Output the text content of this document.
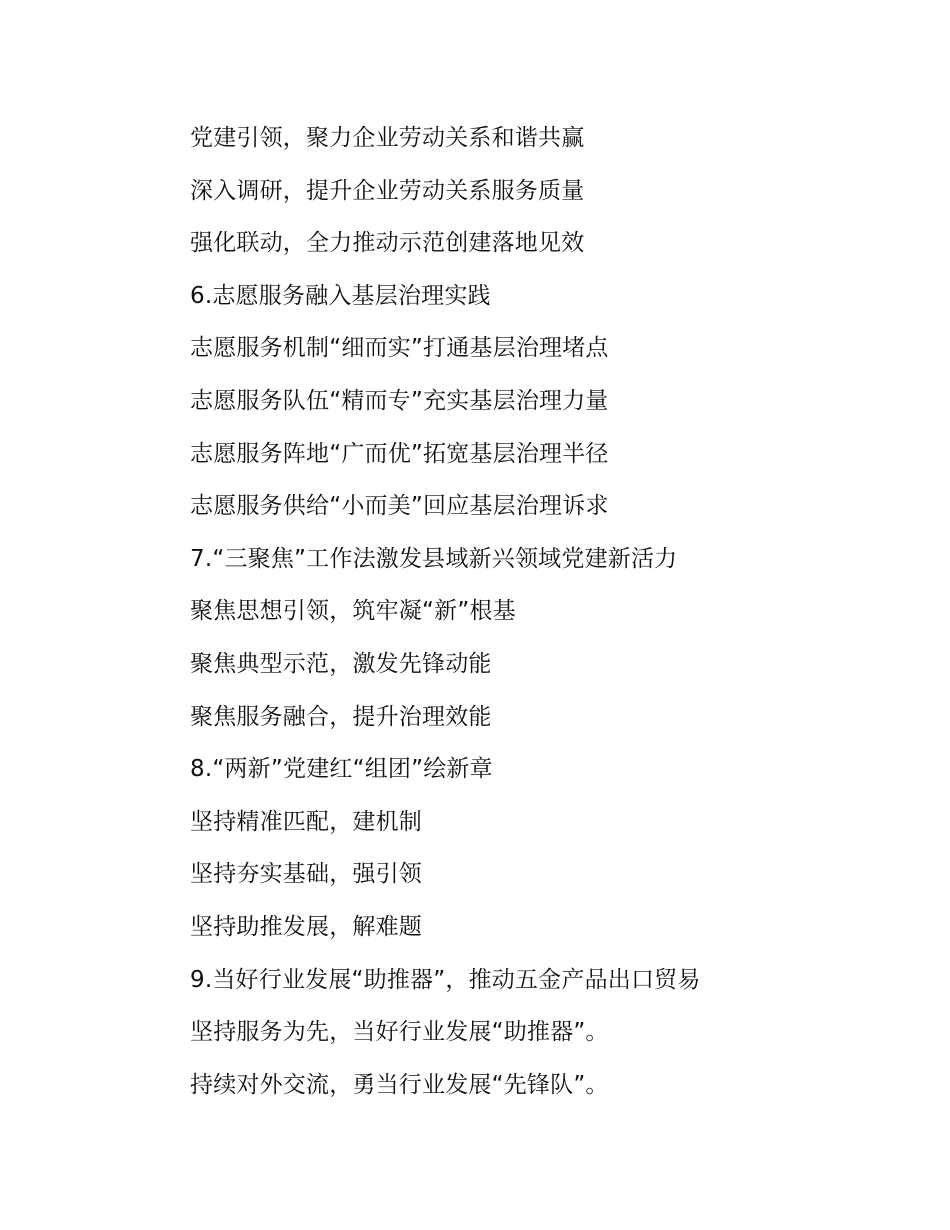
党建引领，聚力企业劳动关系和谐共赢
深入调研，提升企业劳动关系服务质量
强化联动，全力推动示范创建落地见效
6.志愿服务融入基层治理实践
志愿服务机制“细而实”打通基层治理堵点
志愿服务队伍“精而专”充实基层治理力量
志愿服务阵地“广而优”拓宽基层治理半径
志愿服务供给“小而美”回应基层治理诉求
7.“三聚焦”工作法激发县域新兴领域党建新活力
聚焦思想引领，筑牢凝“新”根基
聚焦典型示范，激发先锋动能
聚焦服务融合，提升治理效能
8.“两新”党建红“组团”绘新章
坚持精准匹配，建机制
坚持夯实基础，强引领
坚持助推发展，解难题
9.当好行业发展“助推器”，推动五金产品出口贸易
坚持服务为先，当好行业发展“助推器”。
持续对外交流，勇当行业发展“先锋队”。
